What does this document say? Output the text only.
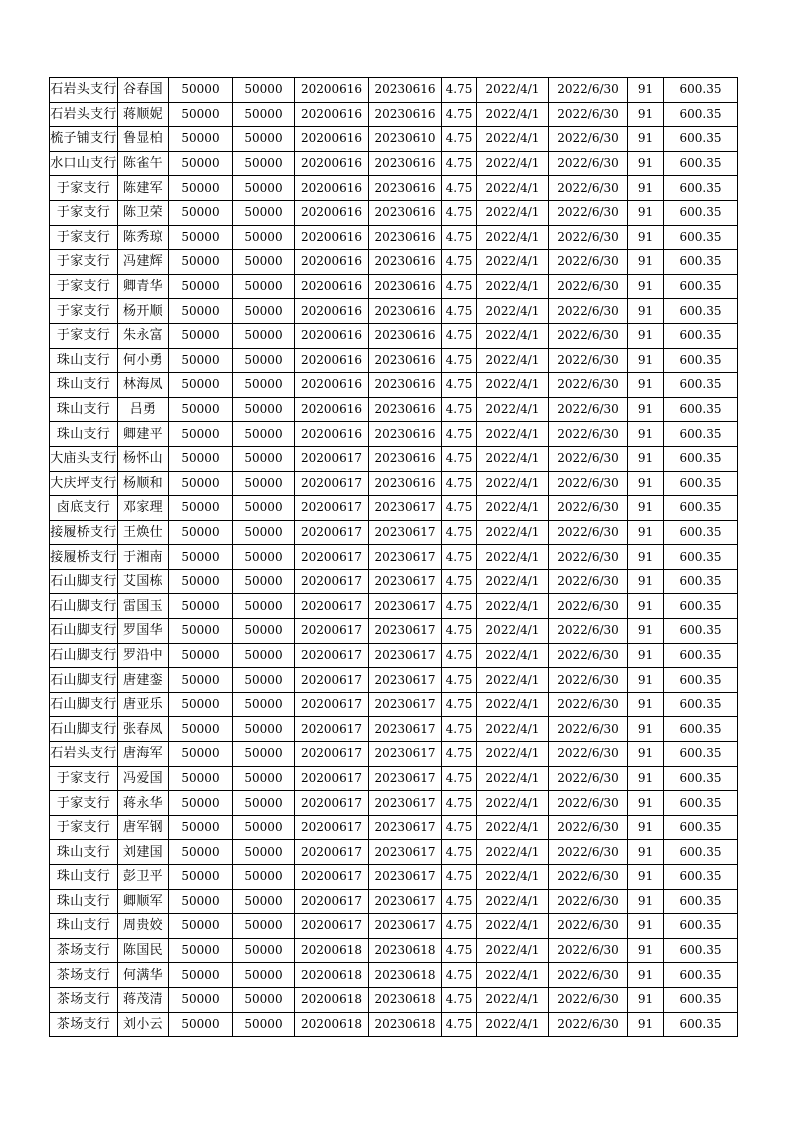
石岩头支行	谷春国	50000	50000	20200616	20230616	4.75	2022/4/1	2022/6/30	91	600.35
石岩头支行	蒋顺妮	50000	50000	20200616	20230616	4.75	2022/4/1	2022/6/30	91	600.35
梳子铺支行	鲁显柏	50000	50000	20200616	20230610	4.75	2022/4/1	2022/6/30	91	600.35
水口山支行	陈雀午	50000	50000	20200616	20230616	4.75	2022/4/1	2022/6/30	91	600.35
于家支行	陈建军	50000	50000	20200616	20230616	4.75	2022/4/1	2022/6/30	91	600.35
于家支行	陈卫荣	50000	50000	20200616	20230616	4.75	2022/4/1	2022/6/30	91	600.35
于家支行	陈秀琼	50000	50000	20200616	20230616	4.75	2022/4/1	2022/6/30	91	600.35
于家支行	冯建辉	50000	50000	20200616	20230616	4.75	2022/4/1	2022/6/30	91	600.35
于家支行	卿青华	50000	50000	20200616	20230616	4.75	2022/4/1	2022/6/30	91	600.35
于家支行	杨开顺	50000	50000	20200616	20230616	4.75	2022/4/1	2022/6/30	91	600.35
于家支行	朱永富	50000	50000	20200616	20230616	4.75	2022/4/1	2022/6/30	91	600.35
珠山支行	何小勇	50000	50000	20200616	20230616	4.75	2022/4/1	2022/6/30	91	600.35
珠山支行	林海凤	50000	50000	20200616	20230616	4.75	2022/4/1	2022/6/30	91	600.35
珠山支行	吕勇	50000	50000	20200616	20230616	4.75	2022/4/1	2022/6/30	91	600.35
珠山支行	卿建平	50000	50000	20200616	20230616	4.75	2022/4/1	2022/6/30	91	600.35
大庙头支行	杨怀山	50000	50000	20200617	20230616	4.75	2022/4/1	2022/6/30	91	600.35
大庆坪支行	杨顺和	50000	50000	20200617	20230616	4.75	2022/4/1	2022/6/30	91	600.35
卤底支行	邓家理	50000	50000	20200617	20230617	4.75	2022/4/1	2022/6/30	91	600.35
接履桥支行	王焕仕	50000	50000	20200617	20230617	4.75	2022/4/1	2022/6/30	91	600.35
接履桥支行	于湘南	50000	50000	20200617	20230617	4.75	2022/4/1	2022/6/30	91	600.35
石山脚支行	艾国栋	50000	50000	20200617	20230617	4.75	2022/4/1	2022/6/30	91	600.35
石山脚支行	雷国玉	50000	50000	20200617	20230617	4.75	2022/4/1	2022/6/30	91	600.35
石山脚支行	罗国华	50000	50000	20200617	20230617	4.75	2022/4/1	2022/6/30	91	600.35
石山脚支行	罗沿中	50000	50000	20200617	20230617	4.75	2022/4/1	2022/6/30	91	600.35
石山脚支行	唐建銮	50000	50000	20200617	20230617	4.75	2022/4/1	2022/6/30	91	600.35
石山脚支行	唐亚乐	50000	50000	20200617	20230617	4.75	2022/4/1	2022/6/30	91	600.35
石山脚支行	张春凤	50000	50000	20200617	20230617	4.75	2022/4/1	2022/6/30	91	600.35
石岩头支行	唐海军	50000	50000	20200617	20230617	4.75	2022/4/1	2022/6/30	91	600.35
于家支行	冯爱国	50000	50000	20200617	20230617	4.75	2022/4/1	2022/6/30	91	600.35
于家支行	蒋永华	50000	50000	20200617	20230617	4.75	2022/4/1	2022/6/30	91	600.35
于家支行	唐军钢	50000	50000	20200617	20230617	4.75	2022/4/1	2022/6/30	91	600.35
珠山支行	刘建国	50000	50000	20200617	20230617	4.75	2022/4/1	2022/6/30	91	600.35
珠山支行	彭卫平	50000	50000	20200617	20230617	4.75	2022/4/1	2022/6/30	91	600.35
珠山支行	卿顺军	50000	50000	20200617	20230617	4.75	2022/4/1	2022/6/30	91	600.35
珠山支行	周贵姣	50000	50000	20200617	20230617	4.75	2022/4/1	2022/6/30	91	600.35
茶场支行	陈国民	50000	50000	20200618	20230618	4.75	2022/4/1	2022/6/30	91	600.35
茶场支行	何满华	50000	50000	20200618	20230618	4.75	2022/4/1	2022/6/30	91	600.35
茶场支行	蒋茂清	50000	50000	20200618	20230618	4.75	2022/4/1	2022/6/30	91	600.35
茶场支行	刘小云	50000	50000	20200618	20230618	4.75	2022/4/1	2022/6/30	91	600.35
